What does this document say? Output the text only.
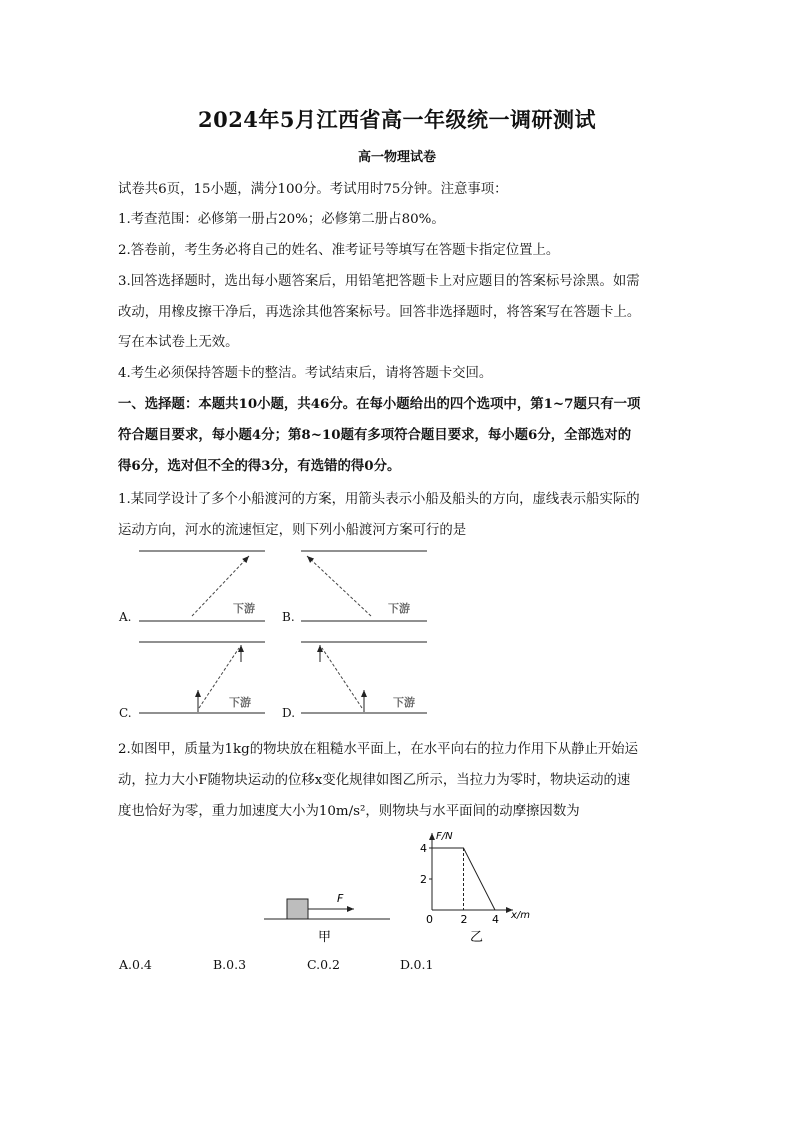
2024年5月江西省高一年级统一调研测试
高一物理试卷
试卷共6页，15小题，满分100分。考试用时75分钟。注意事项：
1.考查范围：必修第一册占20%；必修第二册占80%。
2.答卷前，考生务必将自己的姓名、准考证号等填写在答题卡指定位置上。
3.回答选择题时，选出每小题答案后，用铅笔把答题卡上对应题目的答案标号涂黑。如需
改动，用橡皮擦干净后，再选涂其他答案标号。回答非选择题时，将答案写在答题卡上。
写在本试卷上无效。
4.考生必须保持答题卡的整洁。考试结束后，请将答题卡交回。
一、选择题：本题共10小题，共46分。在每小题给出的四个选项中，第1~7题只有一项
符合题目要求，每小题4分；第8~10题有多项符合题目要求，每小题6分，全部选对的
得6分，选对但不全的得3分，有选错的得0分。
1.某同学设计了多个小船渡河的方案，用箭头表示小船及船头的方向，虚线表示船实际的
运动方向，河水的流速恒定，则下列小船渡河方案可行的是
A.	B.
C.	D.
下游	下游
下游	下游
F
甲
F/N
x/m
乙
2
4
0	2 4
2.如图甲，质量为1kg的物块放在粗糙水平面上，在水平向右的拉力作用下从静止开始运
动，拉力大小F随物块运动的位移x变化规律如图乙所示，当拉力为零时，物块运动的速
度也恰好为零，重力加速度大小为10m/s²，则物块与水平面间的动摩擦因数为
A.0.4	B.0.3	C.0.2	D.0.1
